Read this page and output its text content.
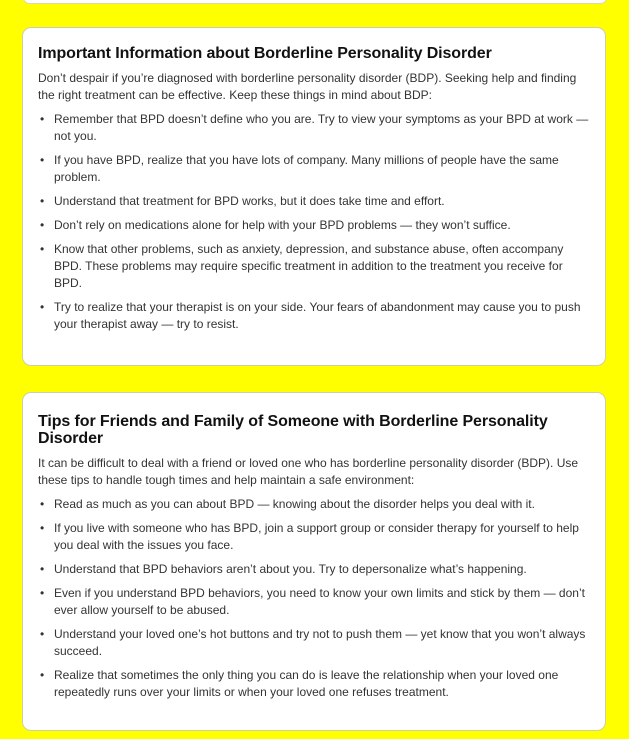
Important Information about Borderline Personality Disorder

Don’t despair if you’re diagnosed with borderline personality disorder (BDP). Seeking help and finding the right treatment can be effective. Keep these things in mind about BDP:

• Remember that BPD doesn’t define who you are. Try to view your symptoms as your BPD at work — not you.
• If you have BPD, realize that you have lots of company. Many millions of people have the same problem.
• Understand that treatment for BPD works, but it does take time and effort.
• Don’t rely on medications alone for help with your BPD problems — they won’t suffice.
• Know that other problems, such as anxiety, depression, and substance abuse, often accompany BPD. These problems may require specific treatment in addition to the treatment you receive for BPD.
• Try to realize that your therapist is on your side. Your fears of abandonment may cause you to push your therapist away — try to resist.
Tips for Friends and Family of Someone with Borderline Personality Disorder

It can be difficult to deal with a friend or loved one who has borderline personality disorder (BDP). Use these tips to handle tough times and help maintain a safe environment:

• Read as much as you can about BPD — knowing about the disorder helps you deal with it.
• If you live with someone who has BPD, join a support group or consider therapy for yourself to help you deal with the issues you face.
• Understand that BPD behaviors aren’t about you. Try to depersonalize what’s happening.
• Even if you understand BPD behaviors, you need to know your own limits and stick by them — don’t ever allow yourself to be abused.
• Understand your loved one’s hot buttons and try not to push them — yet know that you won’t always succeed.
• Realize that sometimes the only thing you can do is leave the relationship when your loved one repeatedly runs over your limits or when your loved one refuses treatment.
